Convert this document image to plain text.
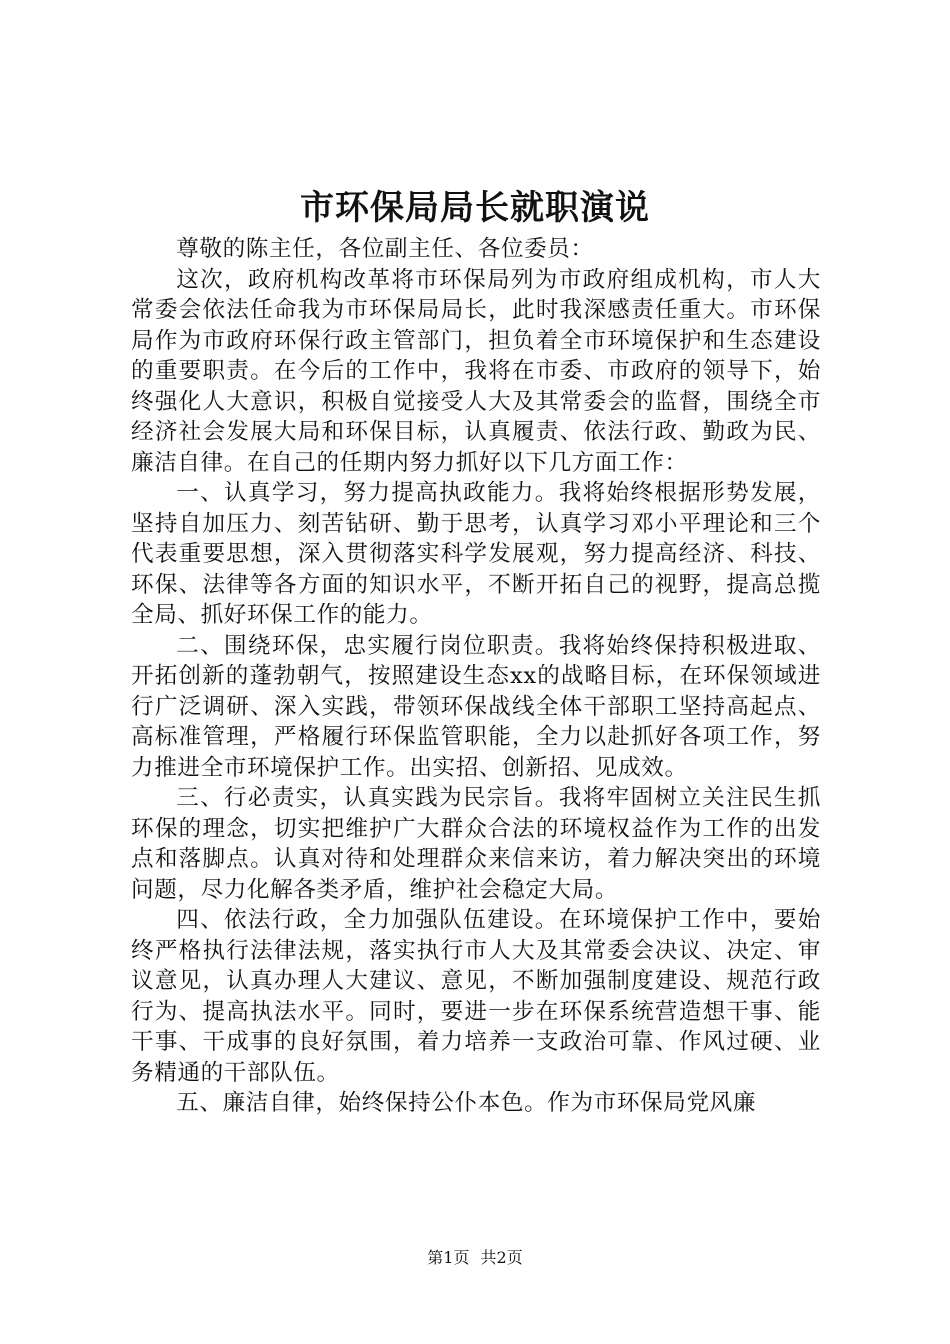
市环保局局长就职演说

尊敬的陈主任，各位副主任、各位委员：

这次，政府机构改革将市环保局列为市政府组成机构，市人大常委会依法任命我为市环保局局长，此时我深感责任重大。市环保局作为市政府环保行政主管部门，担负着全市环境保护和生态建设的重要职责。在今后的工作中，我将在市委、市政府的领导下，始终强化人大意识，积极自觉接受人大及其常委会的监督，围绕全市经济社会发展大局和环保目标，认真履责、依法行政、勤政为民、廉洁自律。在自己的任期内努力抓好以下几方面工作：

一、认真学习，努力提高执政能力。我将始终根据形势发展，坚持自加压力、刻苦钻研、勤于思考，认真学习邓小平理论和三个代表重要思想，深入贯彻落实科学发展观，努力提高经济、科技、环保、法律等各方面的知识水平，不断开拓自己的视野，提高总揽全局、抓好环保工作的能力。

二、围绕环保，忠实履行岗位职责。我将始终保持积极进取、开拓创新的蓬勃朝气，按照建设生态xx的战略目标，在环保领域进行广泛调研、深入实践，带领环保战线全体干部职工坚持高起点、高标准管理，严格履行环保监管职能，全力以赴抓好各项工作，努力推进全市环境保护工作。出实招、创新招、见成效。

三、行必责实，认真实践为民宗旨。我将牢固树立关注民生抓环保的理念，切实把维护广大群众合法的环境权益作为工作的出发点和落脚点。认真对待和处理群众来信来访，着力解决突出的环境问题，尽力化解各类矛盾，维护社会稳定大局。

四、依法行政，全力加强队伍建设。在环境保护工作中，要始终严格执行法律法规，落实执行市人大及其常委会决议、决定、审议意见，认真办理人大建议、意见，不断加强制度建设、规范行政行为、提高执法水平。同时，要进一步在环保系统营造想干事、能干事、干成事的良好氛围，着力培养一支政治可靠、作风过硬、业务精通的干部队伍。

五、廉洁自律，始终保持公仆本色。作为市环保局党风廉

第1页 共2页
